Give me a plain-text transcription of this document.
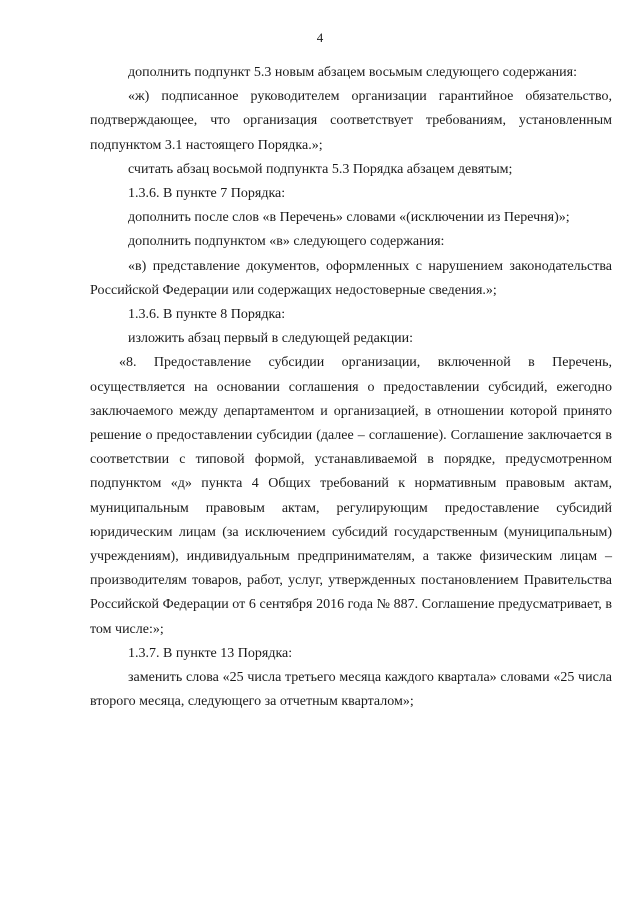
4

дополнить подпункт 5.3 новым абзацем восьмым следующего содержания:

«ж) подписанное руководителем организации гарантийное обязательство, подтверждающее, что организация соответствует требованиям, установленным подпунктом 3.1 настоящего Порядка.»;

считать абзац восьмой подпункта 5.3 Порядка абзацем девятым;

1.3.6. В пункте 7 Порядка:

дополнить после слов «в Перечень» словами «(исключении из Перечня)»;

дополнить подпунктом «в» следующего содержания:

«в) представление документов, оформленных с нарушением законодательства Российской Федерации или содержащих недостоверные сведения.»;

1.3.6. В пункте 8 Порядка:

изложить абзац первый в следующей редакции:

«8. Предоставление субсидии организации, включенной в Перечень, осуществляется на основании соглашения о предоставлении субсидий, ежегодно заключаемого между департаментом и организацией, в отношении которой принято решение о предоставлении субсидии (далее – соглашение). Соглашение заключается в соответствии с типовой формой, устанавливаемой в порядке, предусмотренном подпунктом «д» пункта 4 Общих требований к нормативным правовым актам, муниципальным правовым актам, регулирующим предоставление субсидий юридическим лицам (за исключением субсидий государственным (муниципальным) учреждениям), индивидуальным предпринимателям, а также физическим лицам – производителям товаров, работ, услуг, утвержденных постановлением Правительства Российской Федерации от 6 сентября 2016 года № 887. Соглашение предусматривает, в том числе:»;

1.3.7. В пункте 13 Порядка:

заменить слова «25 числа третьего месяца каждого квартала» словами «25 числа второго месяца, следующего за отчетным кварталом»;
